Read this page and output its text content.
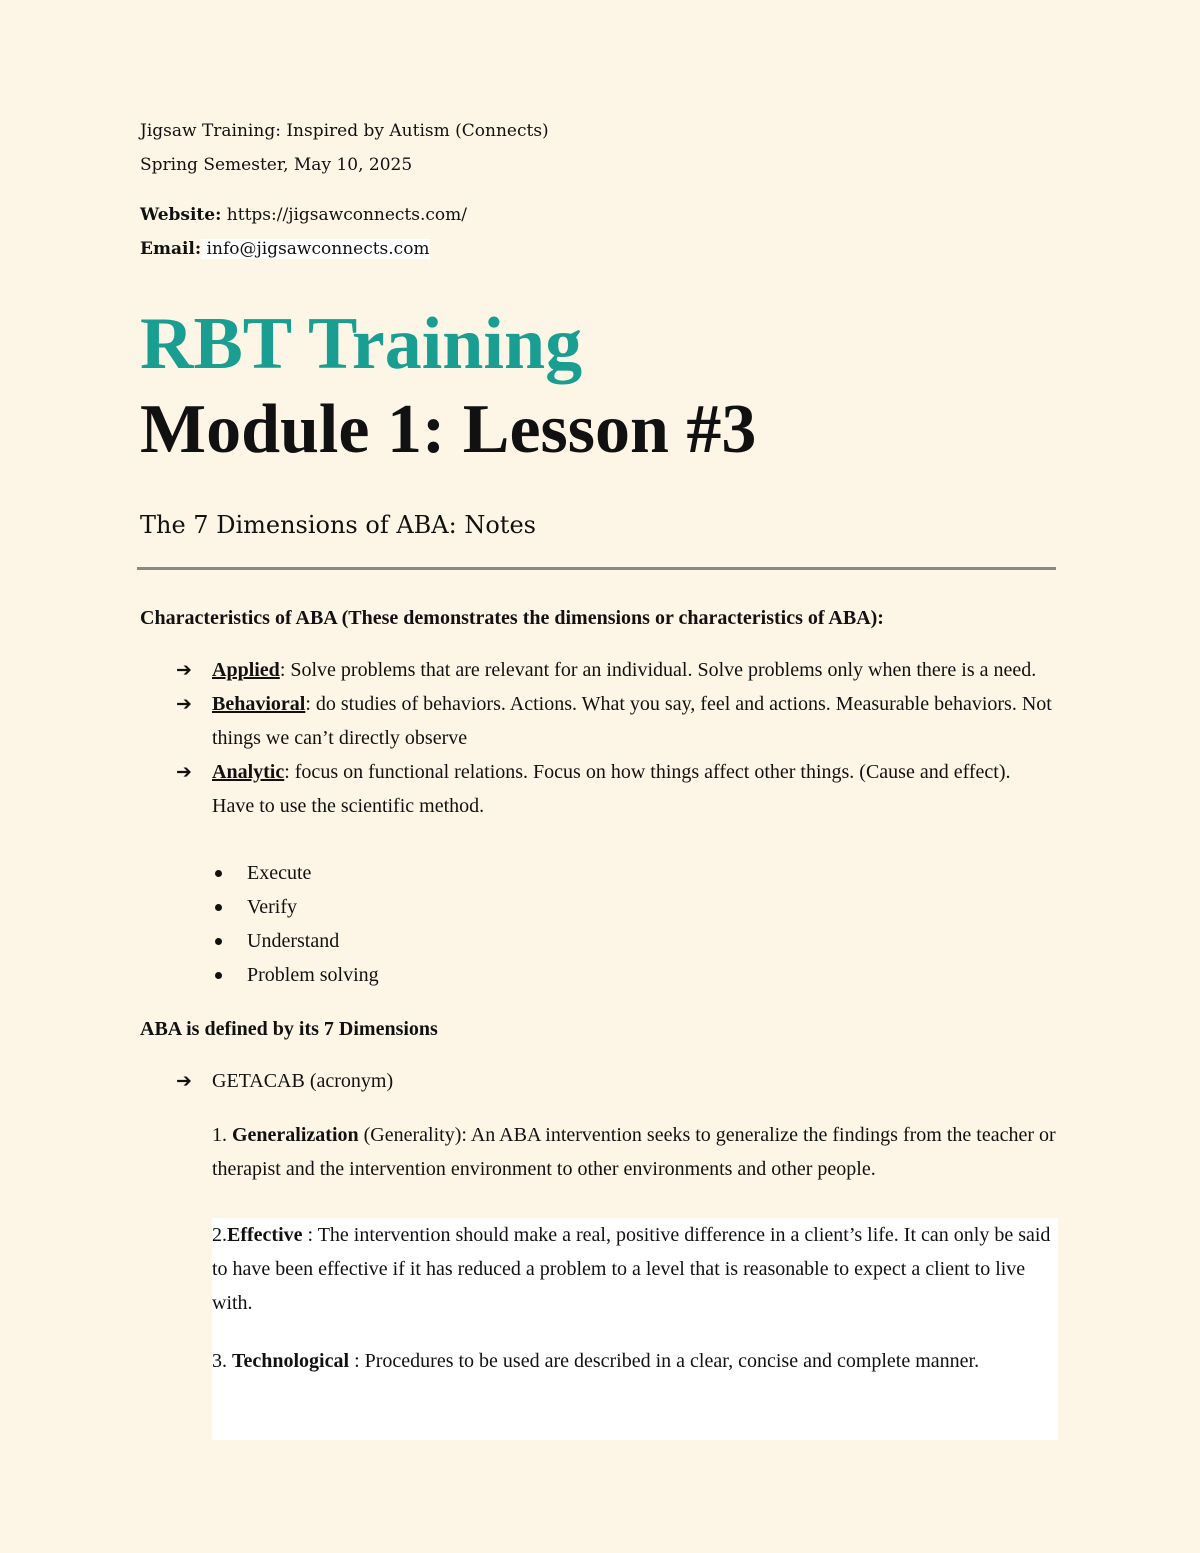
Jigsaw Training: Inspired by Autism (Connects)
Spring Semester, May 10, 2025
Website: https://jigsawconnects.com/
Email: info@jigsawconnects.com
RBT Training
Module 1: Lesson #3
The 7 Dimensions of ABA: Notes
Characteristics of ABA (These demonstrates the dimensions or characteristics of ABA):
➔ Applied: Solve problems that are relevant for an individual. Solve problems only when there is a need.
➔ Behavioral: do studies of behaviors. Actions. What you say, feel and actions. Measurable behaviors. Not things we can’t directly observe
➔ Analytic: focus on functional relations. Focus on how things affect other things. (Cause and effect). Have to use the scientific method.
Execute
Verify
Understand
Problem solving
ABA is defined by its 7 Dimensions
➔ GETACAB (acronym)
1. Generalization (Generality): An ABA intervention seeks to generalize the findings from the teacher or therapist and the intervention environment to other environments and other people.
2.Effective : The intervention should make a real, positive difference in a client’s life. It can only be said to have been effective if it has reduced a problem to a level that is reasonable to expect a client to live with.
3. Technological : Procedures to be used are described in a clear, concise and complete manner.
